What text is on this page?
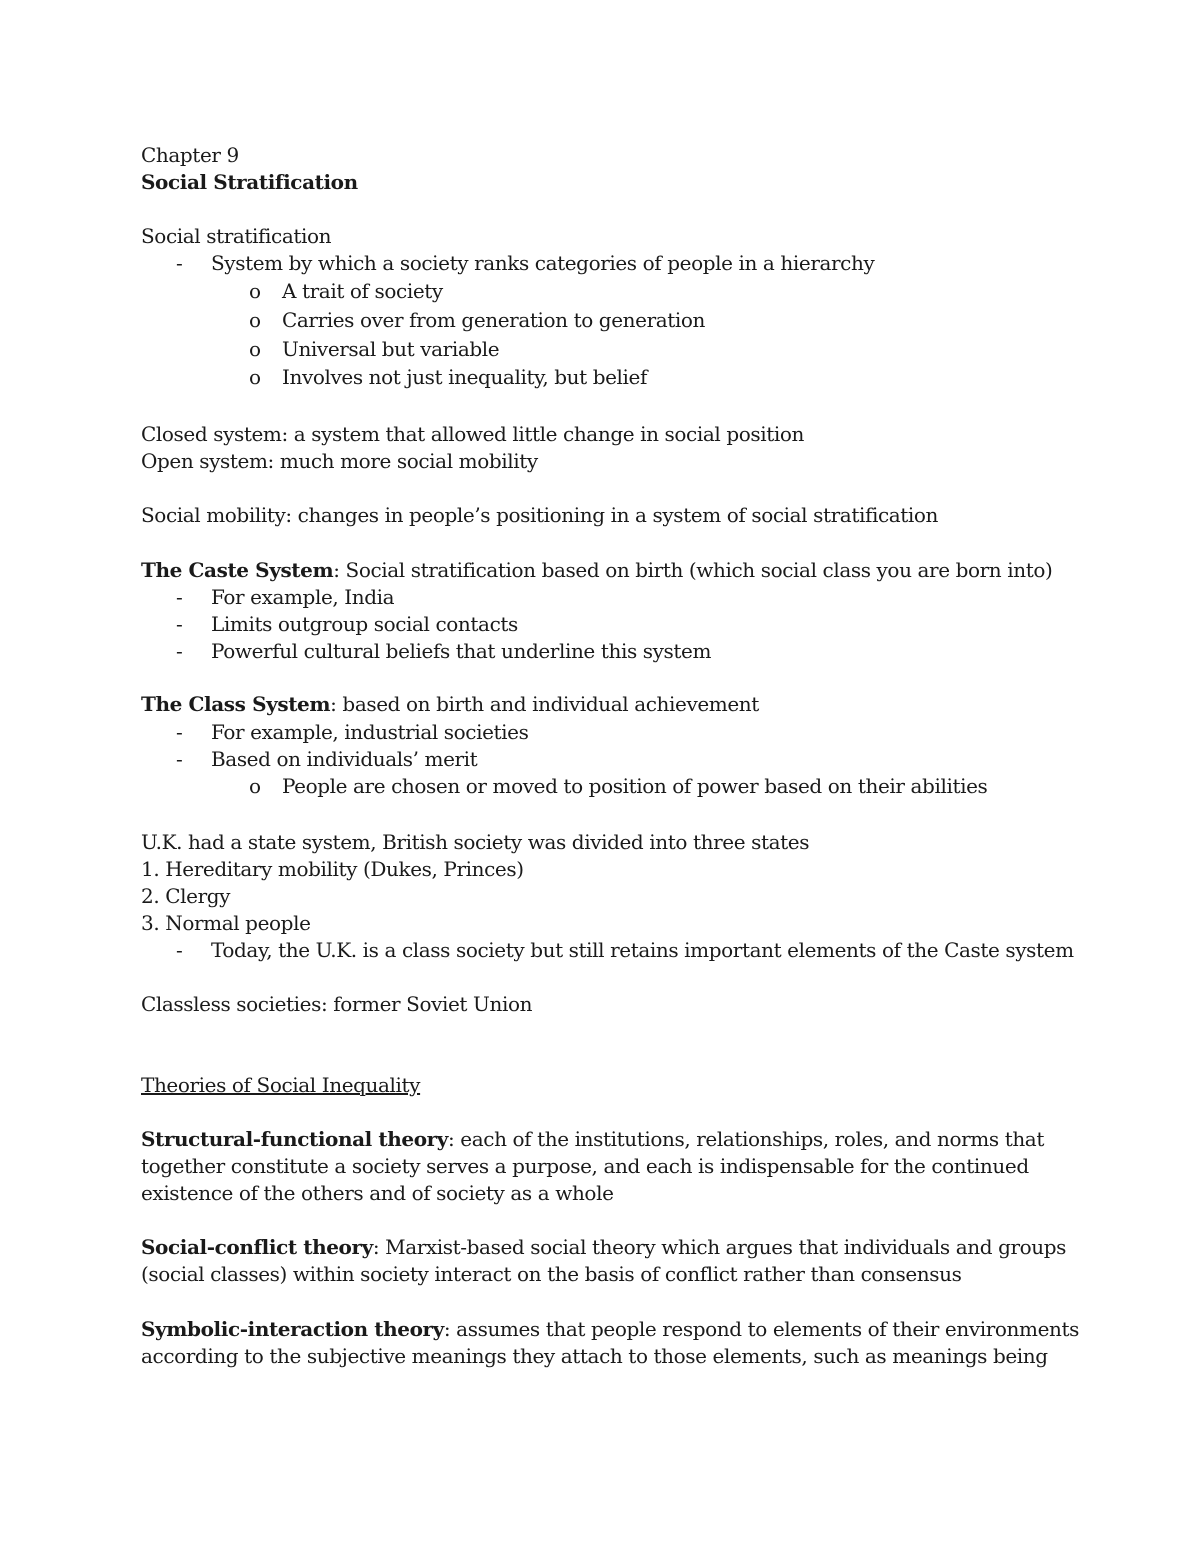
Chapter 9
Social Stratification
Social stratification
- System by which a society ranks categories of people in a hierarchy
o A trait of society
o Carries over from generation to generation
o Universal but variable
o Involves not just inequality, but belief
Closed system: a system that allowed little change in social position
Open system: much more social mobility
Social mobility: changes in people’s positioning in a system of social stratification
The Caste System: Social stratification based on birth (which social class you are born into)
- For example, India
- Limits outgroup social contacts
- Powerful cultural beliefs that underline this system
The Class System: based on birth and individual achievement
- For example, industrial societies
- Based on individuals’ merit
o People are chosen or moved to position of power based on their abilities
U.K. had a state system, British society was divided into three states
1. Hereditary mobility (Dukes, Princes)
2. Clergy
3. Normal people
- Today, the U.K. is a class society but still retains important elements of the Caste system
Classless societies: former Soviet Union
Theories of Social Inequality
Structural-functional theory: each of the institutions, relationships, roles, and norms that
together constitute a society serves a purpose, and each is indispensable for the continued
existence of the others and of society as a whole
Social-conflict theory: Marxist-based social theory which argues that individuals and groups
(social classes) within society interact on the basis of conflict rather than consensus
Symbolic-interaction theory: assumes that people respond to elements of their environments
according to the subjective meanings they attach to those elements, such as meanings being
